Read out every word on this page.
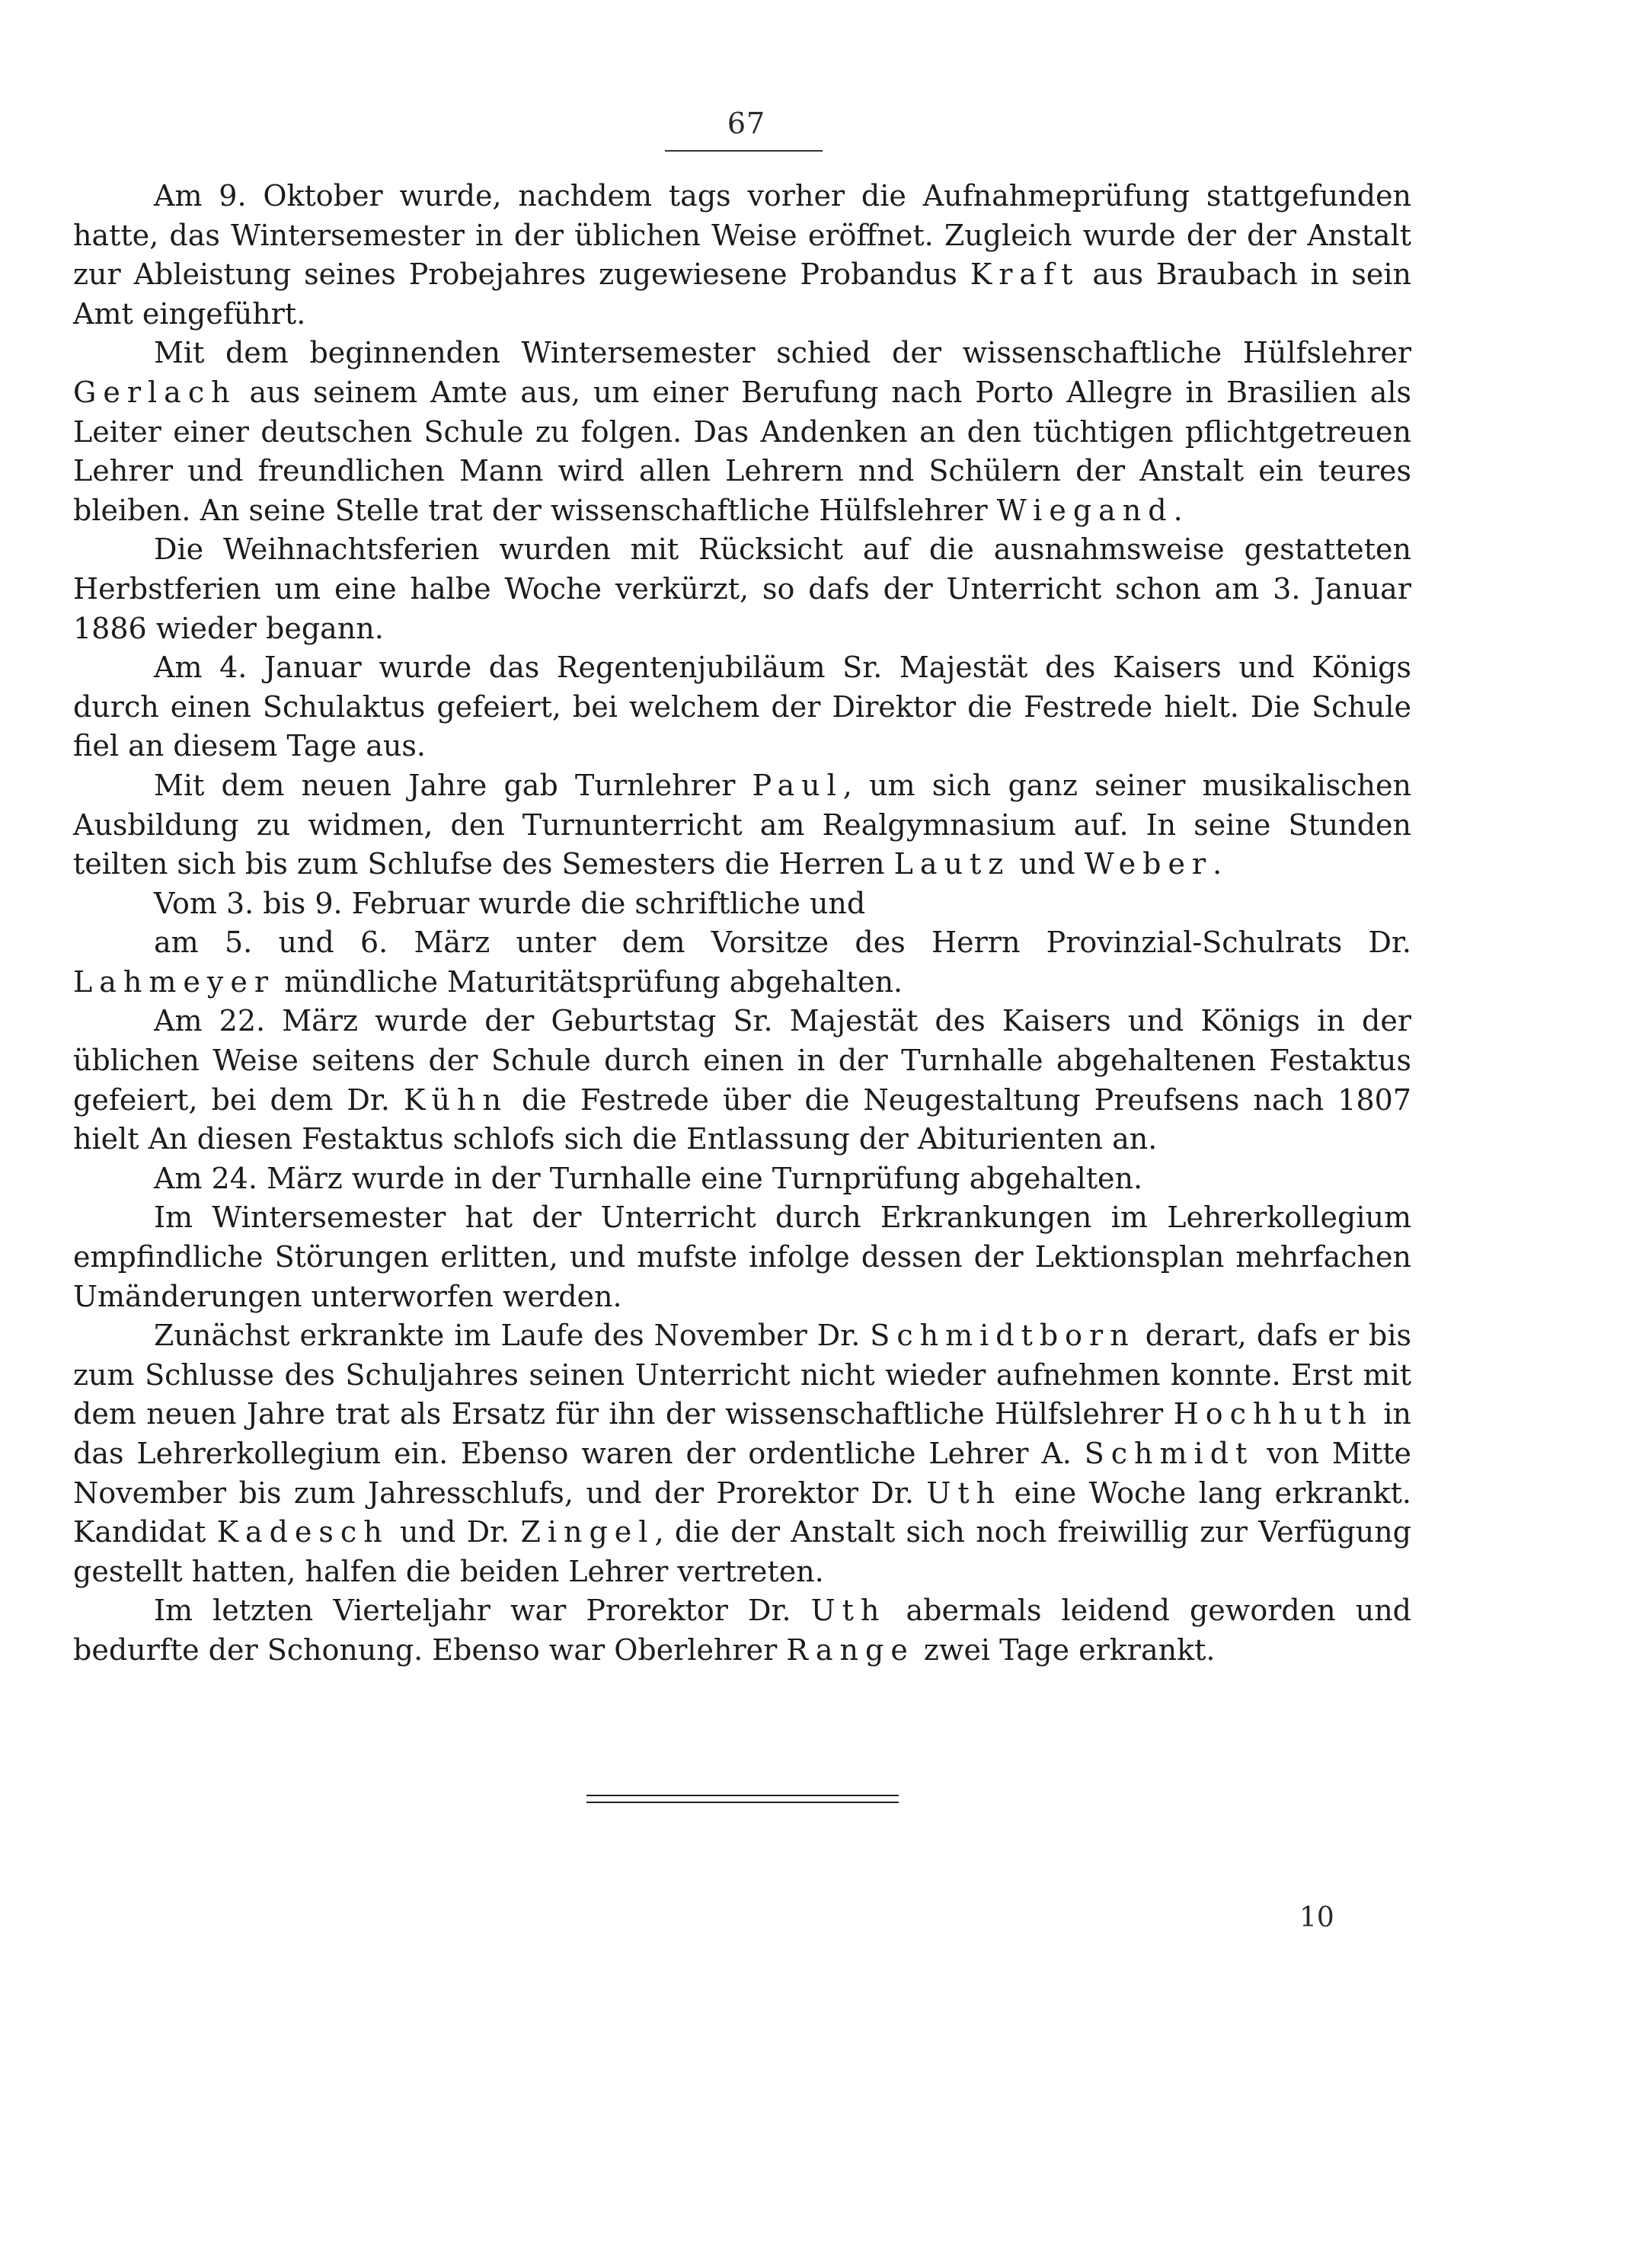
67

Am 9. Oktober wurde, nachdem tags vorher die Aufnahmeprüfung stattgefunden hatte, das Wintersemester in der üblichen Weise eröffnet. Zugleich wurde der der Anstalt zur Ableistung seines Probejahres zugewiesene Probandus Kraft aus Braubach in sein Amt eingeführt.

Mit dem beginnenden Wintersemester schied der wissenschaftliche Hülfslehrer Gerlach aus seinem Amte aus, um einer Berufung nach Porto Allegre in Brasilien als Leiter einer deutschen Schule zu folgen. Das Andenken an den tüchtigen pflichtgetreuen Lehrer und freundlichen Mann wird allen Lehrern nnd Schülern der Anstalt ein teures bleiben. An seine Stelle trat der wissenschaftliche Hülfslehrer Wiegand.

Die Weihnachtsferien wurden mit Rücksicht auf die ausnahmsweise gestatteten Herbstferien um eine halbe Woche verkürzt, so dafs der Unterricht schon am 3. Januar 1886 wieder begann.

Am 4. Januar wurde das Regentenjubiläum Sr. Majestät des Kaisers und Königs durch einen Schulaktus gefeiert, bei welchem der Direktor die Festrede hielt. Die Schule fiel an diesem Tage aus.

Mit dem neuen Jahre gab Turnlehrer Paul, um sich ganz seiner musikalischen Ausbildung zu widmen, den Turnunterricht am Realgymnasium auf. In seine Stunden teilten sich bis zum Schlufse des Semesters die Herren Lautz und Weber.

Vom 3. bis 9. Februar wurde die schriftliche und

am 5. und 6. März unter dem Vorsitze des Herrn Provinzial-Schulrats Dr. Lahmeyer mündliche Maturitätsprüfung abgehalten.

Am 22. März wurde der Geburtstag Sr. Majestät des Kaisers und Königs in der üblichen Weise seitens der Schule durch einen in der Turnhalle abgehaltenen Festaktus gefeiert, bei dem Dr. Kühn die Festrede über die Neugestaltung Preufsens nach 1807 hielt An diesen Festaktus schlofs sich die Entlassung der Abiturienten an.

Am 24. März wurde in der Turnhalle eine Turnprüfung abgehalten.

Im Wintersemester hat der Unterricht durch Erkrankungen im Lehrerkollegium empfindliche Störungen erlitten, und mufste infolge dessen der Lektionsplan mehrfachen Umänderungen unterworfen werden.

Zunächst erkrankte im Laufe des November Dr. Schmidtborn derart, dafs er bis zum Schlusse des Schuljahres seinen Unterricht nicht wieder aufnehmen konnte. Erst mit dem neuen Jahre trat als Ersatz für ihn der wissenschaftliche Hülfslehrer Hochhuth in das Lehrerkollegium ein. Ebenso waren der ordentliche Lehrer A. Schmidt von Mitte November bis zum Jahresschlufs, und der Prorektor Dr. Uth eine Woche lang erkrankt. Kandidat Kadesch und Dr. Zingel, die der Anstalt sich noch freiwillig zur Verfügung gestellt hatten, halfen die beiden Lehrer vertreten.

Im letzten Vierteljahr war Prorektor Dr. Uth abermals leidend geworden und bedurfte der Schonung. Ebenso war Oberlehrer Range zwei Tage erkrankt.

10
